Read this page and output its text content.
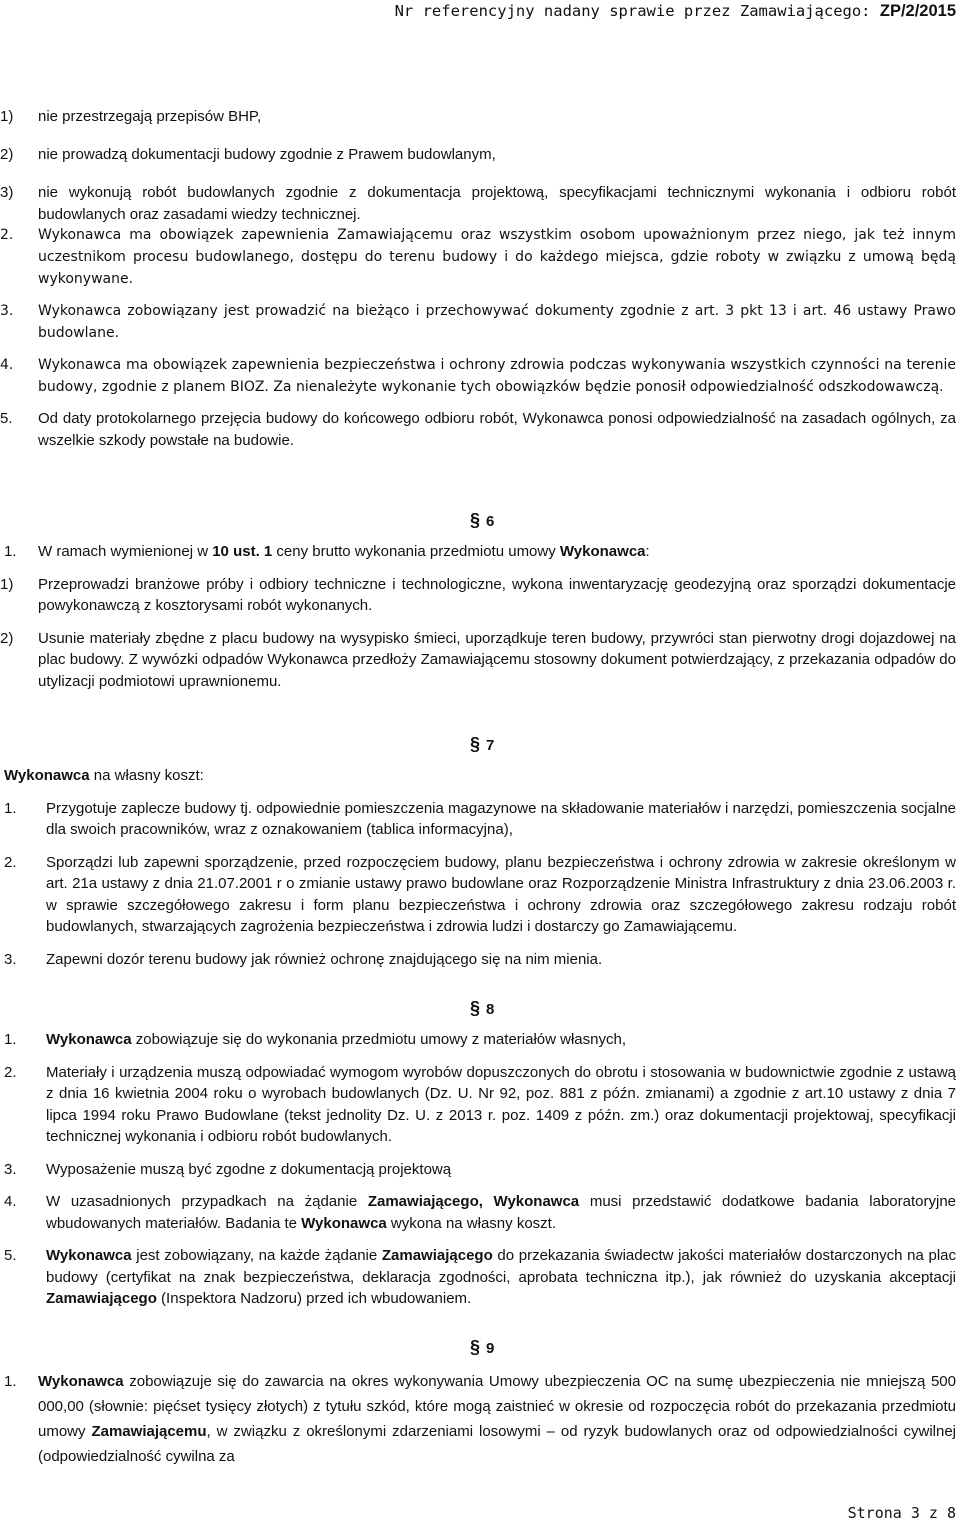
Nr referencyjny nadany sprawie przez Zamawiającego: ZP/2/2015
1) nie przestrzegają przepisów BHP,
2) nie prowadzą dokumentacji budowy zgodnie z Prawem budowlanym,
3) nie wykonują robót budowlanych zgodnie z dokumentacja projektową, specyfikacjami technicznymi wykonania i odbioru robót budowlanych oraz zasadami wiedzy technicznej.
2. Wykonawca ma obowiązek zapewnienia Zamawiającemu oraz wszystkim osobom upoważnionym przez niego, jak też innym uczestnikom procesu budowlanego, dostępu do terenu budowy i do każdego miejsca, gdzie roboty w związku z umową będą wykonywane.
3. Wykonawca zobowiązany jest prowadzić na bieżąco i przechowywać dokumenty zgodnie z art. 3 pkt 13 i art. 46 ustawy Prawo budowlane.
4. Wykonawca ma obowiązek zapewnienia bezpieczeństwa i ochrony zdrowia podczas wykonywania wszystkich czynności na terenie budowy, zgodnie z planem BIOZ. Za nienależyte wykonanie tych obowiązków będzie ponosił odpowiedzialność odszkodowawczą.
5. Od daty protokolarnego przejęcia budowy do końcowego odbioru robót, Wykonawca ponosi odpowiedzialność na zasadach ogólnych, za wszelkie szkody powstałe na budowie.
§ 6
1. W ramach wymienionej w 10 ust. 1 ceny brutto wykonania przedmiotu umowy Wykonawca:
1) Przeprowadzi branżowe próby i odbiory techniczne i technologiczne, wykona inwentaryzację geodezyjną oraz sporządzi dokumentacje powykonawczą z kosztorysami robót wykonanych.
2) Usunie materiały zbędne z placu budowy na wysypisko śmieci, uporządkuje teren budowy, przywróci stan pierwotny drogi dojazdowej na plac budowy. Z wywózki odpadów Wykonawca przedłoży Zamawiającemu stosowny dokument potwierdzający, z przekazania odpadów do utylizacji podmiotowi uprawnionemu.
§ 7
Wykonawca na własny koszt:
1. Przygotuje zaplecze budowy tj. odpowiednie pomieszczenia magazynowe na składowanie materiałów i narzędzi, pomieszczenia socjalne dla swoich pracowników, wraz z oznakowaniem (tablica informacyjna),
2. Sporządzi lub zapewni sporządzenie, przed rozpoczęciem budowy, planu bezpieczeństwa i ochrony zdrowia w zakresie określonym w art. 21a ustawy z dnia 21.07.2001 r o zmianie ustawy prawo budowlane oraz Rozporządzenie Ministra Infrastruktury z dnia 23.06.2003 r. w sprawie szczegółowego zakresu i form planu bezpieczeństwa i ochrony zdrowia oraz szczegółowego zakresu rodzaju robót budowlanych, stwarzających zagrożenia bezpieczeństwa i zdrowia ludzi i dostarczy go Zamawiającemu.
3. Zapewni dozór terenu budowy jak również ochronę znajdującego się na nim mienia.
§ 8
1. Wykonawca zobowiązuje się do wykonania przedmiotu umowy z materiałów własnych,
2. Materiały i urządzenia muszą odpowiadać wymogom wyrobów dopuszczonych do obrotu i stosowania w budownictwie zgodnie z ustawą z dnia 16 kwietnia 2004 roku o wyrobach budowlanych (Dz. U. Nr 92, poz. 881 z późn. zmianami) a zgodnie z art.10 ustawy z dnia 7 lipca 1994 roku Prawo Budowlane (tekst jednolity Dz. U. z 2013 r. poz. 1409 z późn. zm.) oraz dokumentacji projektowaj, specyfikacji technicznej wykonania i odbioru robót budowlanych.
3. Wyposażenie muszą być zgodne z dokumentacją projektową
4. W uzasadnionych przypadkach na żądanie Zamawiającego, Wykonawca musi przedstawić dodatkowe badania laboratoryjne wbudowanych materiałów. Badania te Wykonawca wykona na własny koszt.
5. Wykonawca jest zobowiązany, na każde żądanie Zamawiającego do przekazania świadectw jakości materiałów dostarczonych na plac budowy (certyfikat na znak bezpieczeństwa, deklaracja zgodności, aprobata techniczna itp.), jak również do uzyskania akceptacji Zamawiającego (Inspektora Nadzoru) przed ich wbudowaniem.
§ 9
1. Wykonawca zobowiązuje się do zawarcia na okres wykonywania Umowy ubezpieczenia OC na sumę ubezpieczenia nie mniejszą 500 000,00 (słownie: pięćset tysięcy złotych) z tytułu szkód, które mogą zaistnieć w okresie od rozpoczęcia robót do przekazania przedmiotu umowy Zamawiającemu, w związku z określonymi zdarzeniami losowymi – od ryzyk budowlanych oraz od odpowiedzialności cywilnej (odpowiedzialność cywilna za
Strona 3 z 8
